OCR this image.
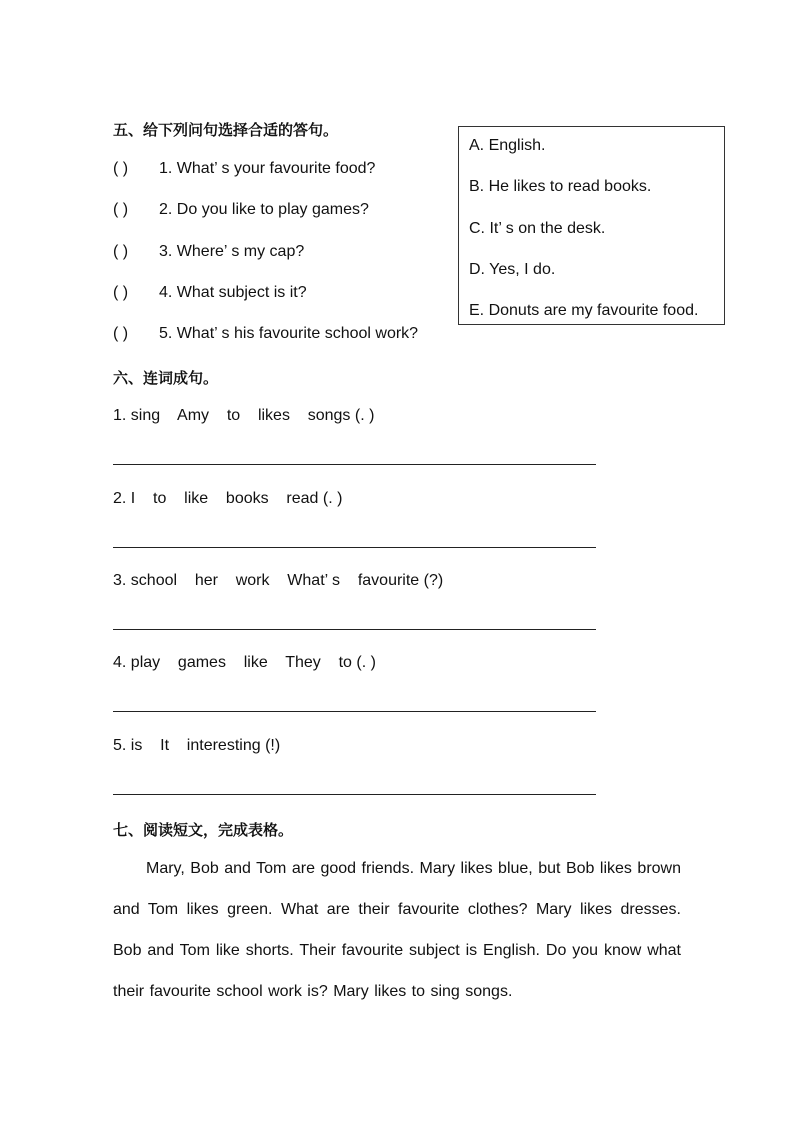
五、给下列问句选择合适的答句。
( ) 1. What’ s your favourite food?
( ) 2. Do you like to play games?
( ) 3. Where’ s my cap?
( ) 4. What subject is it?
( ) 5. What’ s his favourite school work?
A. English.
B. He likes to read books.
C. It’ s on the desk.
D. Yes, I do.
E. Donuts are my favourite food.
六、连词成句。
1. sing    Amy    to    likes    songs (. )
2. I    to    like    books    read (. )
3. school    her    work    What’ s    favourite (?)
4. play    games    like    They    to (. )
5. is    It    interesting (!)
七、阅读短文，完成表格。
Mary, Bob and Tom are good friends. Mary likes blue, but Bob likes brown and Tom likes green. What are their favourite clothes? Mary likes dresses. Bob and Tom like shorts. Their favourite subject is English. Do you know what their favourite school work is? Mary likes to sing songs.
